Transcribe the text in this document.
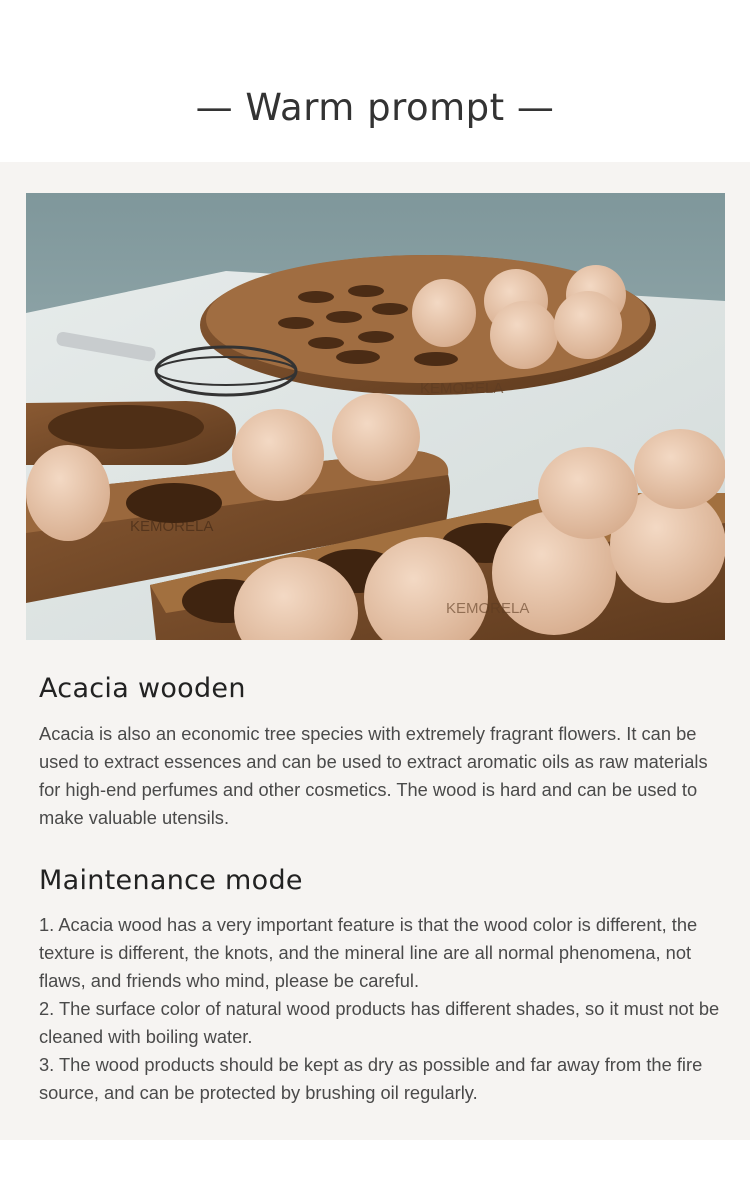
— Warm prompt —
KEMORELA
KEMORELA
KEMORELA
Acacia wooden
Acacia is also an economic tree species with extremely fragrant flowers. It can be used to extract essences and can be used to extract aromatic oils as raw materials for high-end perfumes and other cosmetics. The wood is hard and can be used to make valuable utensils.
Maintenance mode
1. Acacia wood has a very important feature is that the wood color is different, the texture is different, the knots, and the mineral line are all normal phenomena, not flaws, and friends who mind, please be careful.
2. The surface color of natural wood products has different shades, so it must not be cleaned with boiling water.
3. The wood products should be kept as dry as possible and far away from the fire source, and can be protected by brushing oil regularly.
